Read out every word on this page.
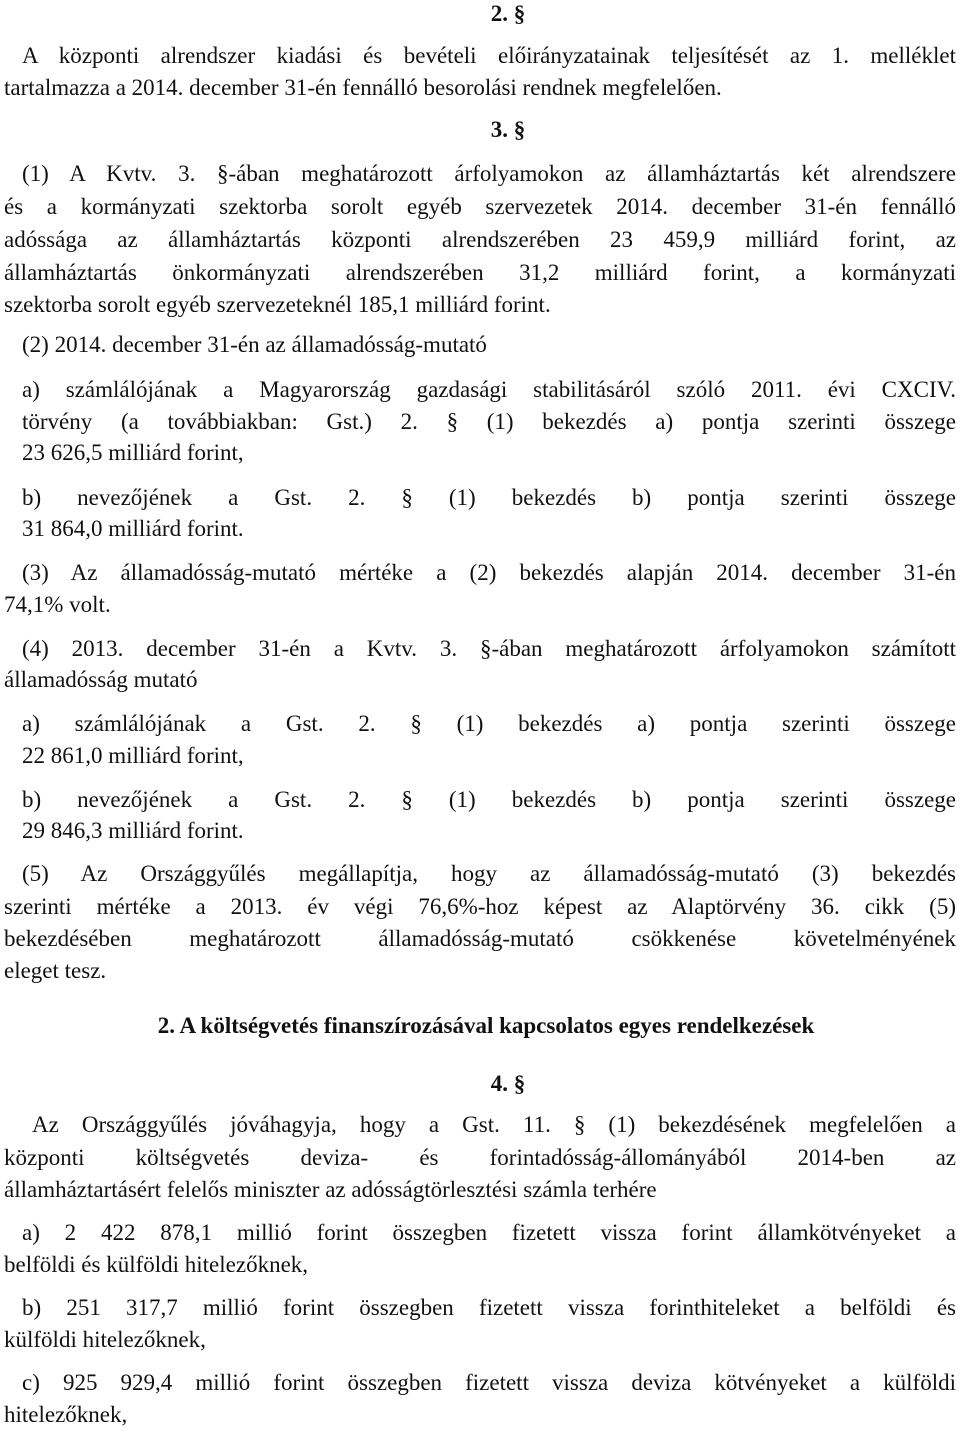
2. §
A központi alrendszer kiadási és bevételi előirányzatainak teljesítését az 1. melléklet
tartalmazza a 2014. december 31-én fennálló besorolási rendnek megfelelően.
3. §
(1) A Kvtv. 3. §-ában meghatározott árfolyamokon az államháztartás két alrendszere
és a kormányzati szektorba sorolt egyéb szervezetek 2014. december 31-én fennálló
adóssága az államháztartás központi alrendszerében 23 459,9 milliárd forint, az
államháztartás önkormányzati alrendszerében 31,2 milliárd forint, a kormányzati
szektorba sorolt egyéb szervezeteknél 185,1 milliárd forint.
(2) 2014. december 31-én az államadósság-mutató
a) számlálójának a Magyarország gazdasági stabilitásáról szóló 2011. évi CXCIV.
törvény (a továbbiakban: Gst.) 2. § (1) bekezdés a) pontja szerinti összege
23 626,5 milliárd forint,
b) nevezőjének a Gst. 2. § (1) bekezdés b) pontja szerinti összege
31 864,0 milliárd forint.
(3) Az államadósság-mutató mértéke a (2) bekezdés alapján 2014. december 31-én
74,1% volt.
(4) 2013. december 31-én a Kvtv. 3. §-ában meghatározott árfolyamokon számított
államadósság mutató
a) számlálójának a Gst. 2. § (1) bekezdés a) pontja szerinti összege
22 861,0 milliárd forint,
b) nevezőjének a Gst. 2. § (1) bekezdés b) pontja szerinti összege
29 846,3 milliárd forint.
(5) Az Országgyűlés megállapítja, hogy az államadósság-mutató (3) bekezdés
szerinti mértéke a 2013. év végi 76,6%-hoz képest az Alaptörvény 36. cikk (5)
bekezdésében meghatározott államadósság-mutató csökkenése követelményének
eleget tesz.
2. A költségvetés finanszírozásával kapcsolatos egyes rendelkezések
4. §
Az Országgyűlés jóváhagyja, hogy a Gst. 11. § (1) bekezdésének megfelelően a
központi költségvetés deviza- és forintadósság-állományából 2014-ben az
államháztartásért felelős miniszter az adósságtörlesztési számla terhére
a) 2 422 878,1 millió forint összegben fizetett vissza forint államkötvényeket a
belföldi és külföldi hitelezőknek,
b) 251 317,7 millió forint összegben fizetett vissza forinthiteleket a belföldi és
külföldi hitelezőknek,
c) 925 929,4 millió forint összegben fizetett vissza deviza kötvényeket a külföldi
hitelezőknek,
